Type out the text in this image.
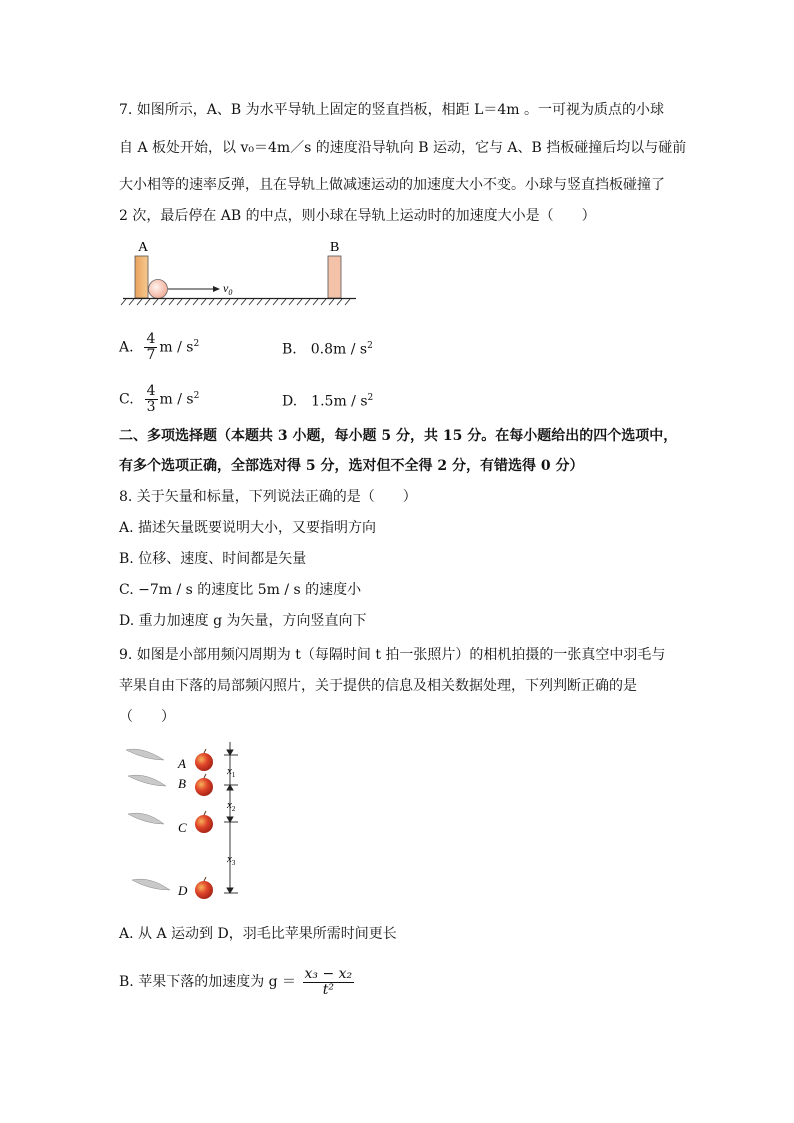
7. 如图所示，A、B 为水平导轨上固定的竖直挡板，相距 L＝4m 。一可视为质点的小球
自 A 板处开始，以 v₀＝4m／s 的速度沿导轨向 B 运动，它与 A、B 挡板碰撞后均以与碰前
大小相等的速率反弹，且在导轨上做减速运动的加速度大小不变。小球与竖直挡板碰撞了
2 次，最后停在 AB 的中点，则小球在导轨上运动时的加速度大小是（　　）
A	B
$v_0$
A. $\frac{4}{7}$ m / $s^2$	B.　$0.8m / s^2$
C. $\frac{4}{3}$ m / $s^2$	D.　$1.5m / s^2$
二、多项选择题（本题共 3 小题，每小题 5 分，共 15 分。在每小题给出的四个选项中，
有多个选项正确，全部选对得 5 分，选对但不全得 2 分，有错选得 0 分）
8. 关于矢量和标量，下列说法正确的是（　　）
A. 描述矢量既要说明大小，又要指明方向
B. 位移、速度、时间都是矢量
C. −7m / s 的速度比 5m / s 的速度小
D. 重力加速度 g 为矢量，方向竖直向下
9. 如图是小部用频闪周期为 t（每隔时间 t 拍一张照片）的相机拍摄的一张真空中羽毛与
苹果自由下落的局部频闪照片，关于提供的信息及相关数据处理，下列判断正确的是
（　　）
A
B
C
D
$x_1$
$x_2$
$x_3$
A. 从 A 运动到 D，羽毛比苹果所需时间更长
B. 苹果下落的加速度为 $g = \frac{\text{x₃ − x₂}}{\text{t²}}$
